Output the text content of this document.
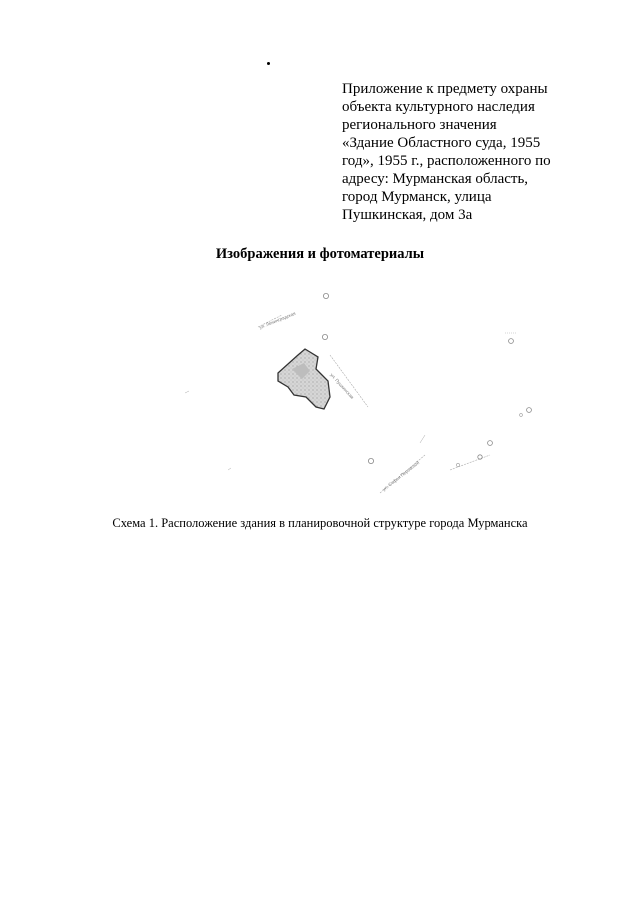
Приложение к предмету охраны
объекта культурного наследия
регионального значения
«Здание Областного суда, 1955
год», 1955 г., расположенного по
адресу: Мурманская область,
город Мурманск, улица
Пушкинская, дом 3а
Изображения и фотоматериалы
ул. Пушкинская
ул. Софьи Перовской
ул. Ленинградская
Схема 1. Расположение здания в планировочной структуре города Мурманска
